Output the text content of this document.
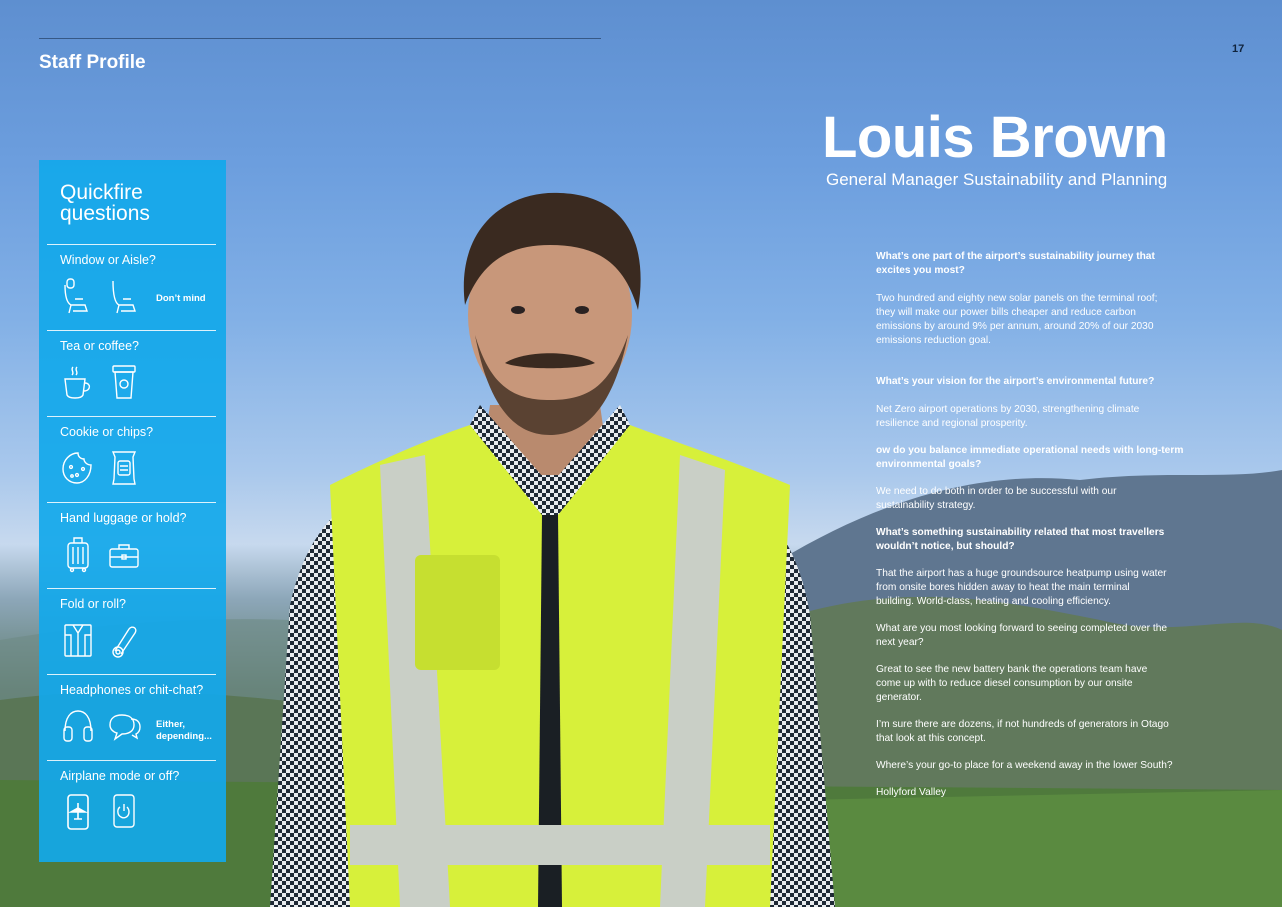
Staff Profile
17
Louis Brown
General Manager Sustainability and Planning

What’s one part of the airport’s sustainability journey that
excites you most?

Two hundred and eighty new solar panels on the terminal roof;
they will make our power bills cheaper and reduce carbon
emissions by around 9% per annum, around 20% of our 2030
emissions reduction goal.

What’s your vision for the airport’s environmental future?

Net Zero airport operations by 2030, strengthening climate
resilience and regional prosperity.

ow do you balance immediate operational needs with long-term
environmental goals?

We need to do both in order to be successful with our
sustainability strategy.

What’s something sustainability related that most travellers
wouldn’t notice, but should?

That the airport has a huge groundsource heatpump using water
from onsite bores hidden away to heat the main terminal
building. World-class, heating and cooling efficiency.

What are you most looking forward to seeing completed over the
next year?

Great to see the new battery bank the operations team have
come up with to reduce diesel consumption by our onsite
generator.

I’m sure there are dozens, if not hundreds of generators in Otago
that look at this concept.

Where’s your go-to place for a weekend away in the lower South?

Hollyford Valley

Quickfire
questions
Window or Aisle?
Don’t mind
Tea or coffee?
Cookie or chips?
Hand luggage or hold?
Fold or roll?
Headphones or chit-chat?
Either,
depending...
Airplane mode or off?
